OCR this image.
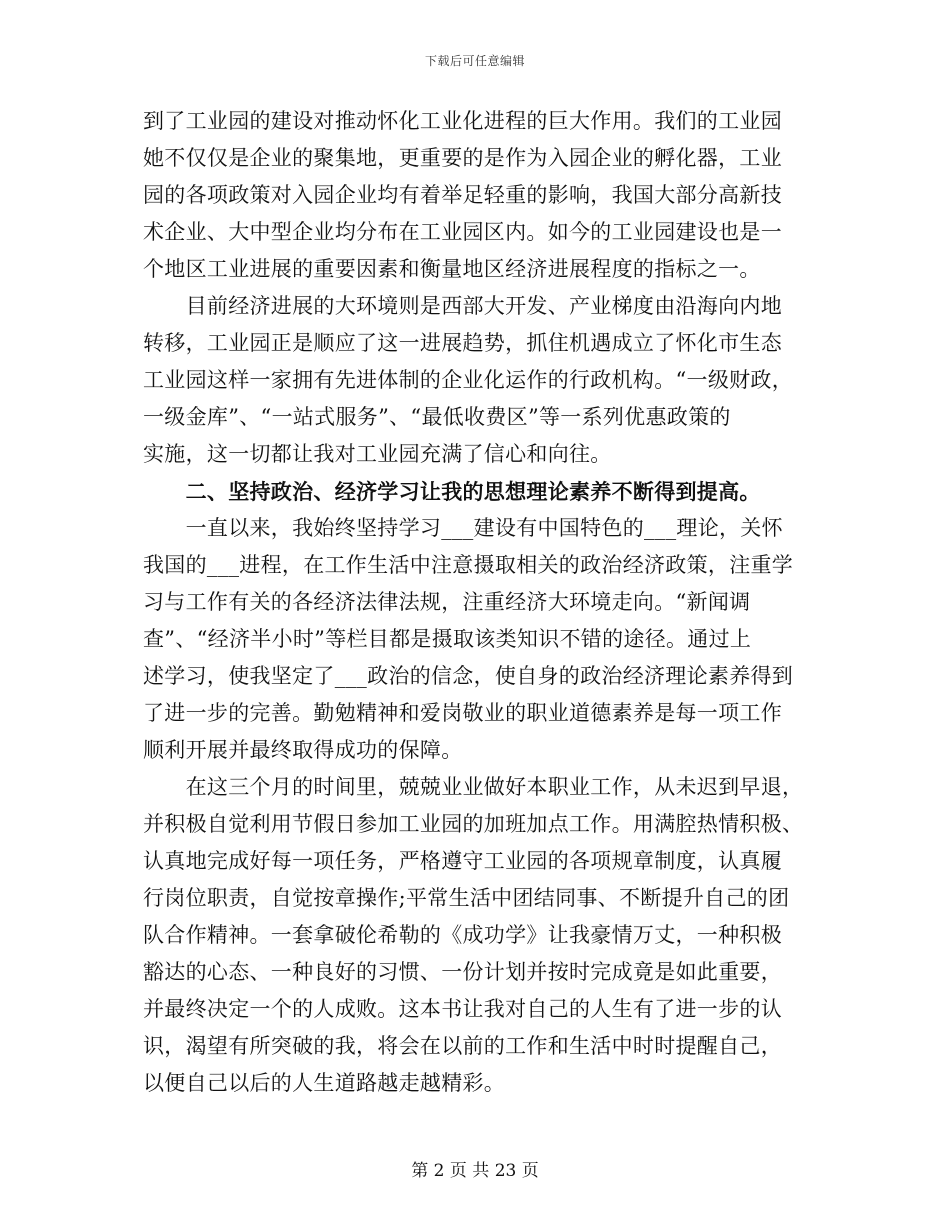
下载后可任意编辑
到了工业园的建设对推动怀化工业化进程的巨大作用。我们的工业园
她不仅仅是企业的聚集地，更重要的是作为入园企业的孵化器，工业
园的各项政策对入园企业均有着举足轻重的影响，我国大部分高新技
术企业、大中型企业均分布在工业园区内。如今的工业园建设也是一
个地区工业进展的重要因素和衡量地区经济进展程度的指标之一。
　　目前经济进展的大环境则是西部大开发、产业梯度由沿海向内地
转移，工业园正是顺应了这一进展趋势，抓住机遇成立了怀化市生态
工业园这样一家拥有先进体制的企业化运作的行政机构。“一级财政，
一级金库”、“一站式服务”、“最低收费区”等一系列优惠政策的
实施，这一切都让我对工业园充满了信心和向往。
　　二、坚持政治、经济学习让我的思想理论素养不断得到提高。
　　一直以来，我始终坚持学习___建设有中国特色的___理论，关怀
我国的___进程，在工作生活中注意摄取相关的政治经济政策，注重学
习与工作有关的各经济法律法规，注重经济大环境走向。“新闻调
查”、“经济半小时”等栏目都是摄取该类知识不错的途径。通过上
述学习，使我坚定了___政治的信念，使自身的政治经济理论素养得到
了进一步的完善。勤勉精神和爱岗敬业的职业道德素养是每一项工作
顺利开展并最终取得成功的保障。
　　在这三个月的时间里，兢兢业业做好本职业工作，从未迟到早退，
并积极自觉利用节假日参加工业园的加班加点工作。用满腔热情积极、
认真地完成好每一项任务，严格遵守工业园的各项规章制度，认真履
行岗位职责，自觉按章操作;平常生活中团结同事、不断提升自己的团
队合作精神。一套拿破伦希勒的《成功学》让我豪情万丈，一种积极
豁达的心态、一种良好的习惯、一份计划并按时完成竟是如此重要，
并最终决定一个的人成败。这本书让我对自己的人生有了进一步的认
识，渴望有所突破的我，将会在以前的工作和生活中时时提醒自己，
以便自己以后的人生道路越走越精彩。
第 2 页 共 23 页
